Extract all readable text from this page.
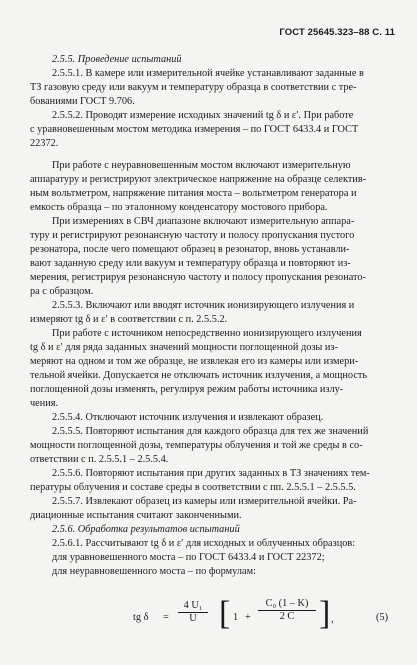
ГОСТ 25645.323–88 С. 11
2.5.5. Проведение испытаний
2.5.5.1. В камере или измерительной ячейке устанавливают заданные в
ТЗ газовую среду или вакуум и температуру образца в соответствии с тре-
бованиями ГОСТ 9.706.
2.5.5.2. Проводят измерение исходных значений tg δ и ε′. При работе
с уравновешенным мостом методика измерения – по ГОСТ 6433.4 и ГОСТ
22372.
При работе с неуравновешенным мостом включают измерительную
аппаратуру и регистрируют электрическое напряжение на образце селектив-
ным вольтметром, напряжение питания моста – вольтметром генератора и
емкость образца – по эталонному конденсатору мостового прибора.
При измерениях в СВЧ диапазоне включают измерительную аппара-
туру и регистрируют резонансную частоту и полосу пропускания пустого
резонатора, после чего помещают образец в резонатор, вновь устанавли-
вают заданную среду или вакуум и температуру образца и повторяют из-
мерения, регистрируя резонансную частоту и полосу пропускания резонато-
ра с образцом.
2.5.5.3. Включают или вводят источник ионизирующего излучения и
измеряют tg δ и ε′ в соответствии с п. 2.5.5.2.
При работе с источником непосредственно ионизирующего излучения
tg δ и ε′ для ряда заданных значений мощности поглощенной дозы из-
меряют на одном и том же образце, не извлекая его из камеры или измери-
тельной ячейки. Допускается не отключать источник излучения, а мощность
поглощенной дозы изменять, регулируя режим работы источника излу-
чения.
2.5.5.4. Отключают источник излучения и извлекают образец.
2.5.5.5. Повторяют испытания для каждого образца для тех же значений
мощности поглощенной дозы, температуры облучения и той же среды в со-
ответствии с п. 2.5.5.1 – 2.5.5.4.
2.5.5.6. Повторяют испытания при других заданных в ТЗ значениях тем-
пературы облучения и составе среды в соответствии с пп. 2.5.5.1 – 2.5.5.5.
2.5.5.7. Извлекают образец из камеры или измерительной ячейки. Ра-
диационные испытания считают законченными.
2.5.6. Обработка результатов испытаний
2.5.6.1. Рассчитывают tg δ и ε′ для исходных и облученных образцов:
для уравновешенного моста – по ГОСТ 6433.4 и ГОСТ 22372;
для неуравновешенного моста – по формулам:
tg $\delta = \frac{\text{4 U₁}}{U}$ [ $1 + \frac{\text{C₀ (1 – K)}}{2 C}$ ] ,	(5)
